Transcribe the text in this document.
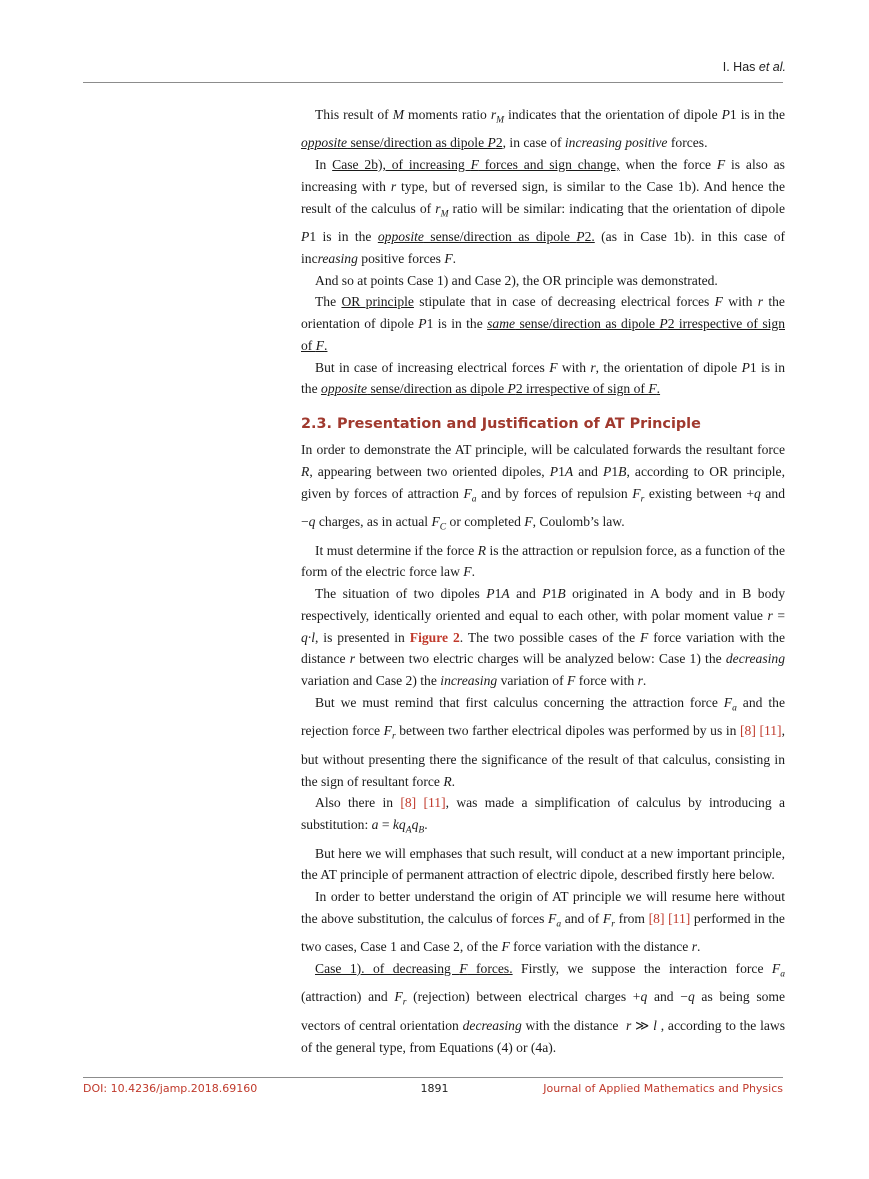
I. Has et al.

This result of M moments ratio $r_M$ indicates that the orientation of dipole P1 is in the opposite sense/direction as dipole P2, in case of increasing positive forces.

In Case 2b), of increasing F forces and sign change, when the force F is also as increasing with r type, but of reversed sign, is similar to the Case 1b). And hence the result of the calculus of $r_M$ ratio will be similar: indicating that the orientation of dipole P1 is in the opposite sense/direction as dipole P2. (as in Case 1b). in this case of increasing positive forces F.

And so at points Case 1) and Case 2), the OR principle was demonstrated.

The OR principle stipulate that in case of decreasing electrical forces F with r the orientation of dipole P1 is in the same sense/direction as dipole P2 irrespective of sign of F.

But in case of increasing electrical forces F with r, the orientation of dipole P1 is in the opposite sense/direction as dipole P2 irrespective of sign of F.

2.3. Presentation and Justification of AT Principle

In order to demonstrate the AT principle, will be calculated forwards the resultant force R, appearing between two oriented dipoles, P1A and P1B, according to OR principle, given by forces of attraction $F_a$ and by forces of repulsion $F_r$ existing between +q and −q charges, as in actual $F_C$ or completed F, Coulomb’s law.

It must determine if the force R is the attraction or repulsion force, as a function of the form of the electric force law F.

The situation of two dipoles P1A and P1B originated in A body and in B body respectively, identically oriented and equal to each other, with polar moment value r = q·l, is presented in Figure 2. The two possible cases of the F force variation with the distance r between two electric charges will be analyzed below: Case 1) the decreasing variation and Case 2) the increasing variation of F force with r.

But we must remind that first calculus concerning the attraction force $F_a$ and the rejection force $F_r$ between two farther electrical dipoles was performed by us in [8] [11], but without presenting there the significance of the result of that calculus, consisting in the sign of resultant force R.

Also there in [8] [11], was made a simplification of calculus by introducing a substitution: $a = kq_Aq_B$.

But here we will emphases that such result, will conduct at a new important principle, the AT principle of permanent attraction of electric dipole, described firstly here below.

In order to better understand the origin of AT principle we will resume here without the above substitution, the calculus of forces $F_a$ and of $F_r$ from [8] [11] performed in the two cases, Case 1 and Case 2, of the F force variation with the distance r.

Case 1). of decreasing F forces. Firstly, we suppose the interaction force $F_a$ (attraction) and $F_r$ (rejection) between electrical charges +q and −q as being some vectors of central orientation decreasing with the distance  r ≫ l , according to the laws of the general type, from Equations (4) or (4a).

DOI: 10.4236/jamp.2018.69160	1891	Journal of Applied Mathematics and Physics
